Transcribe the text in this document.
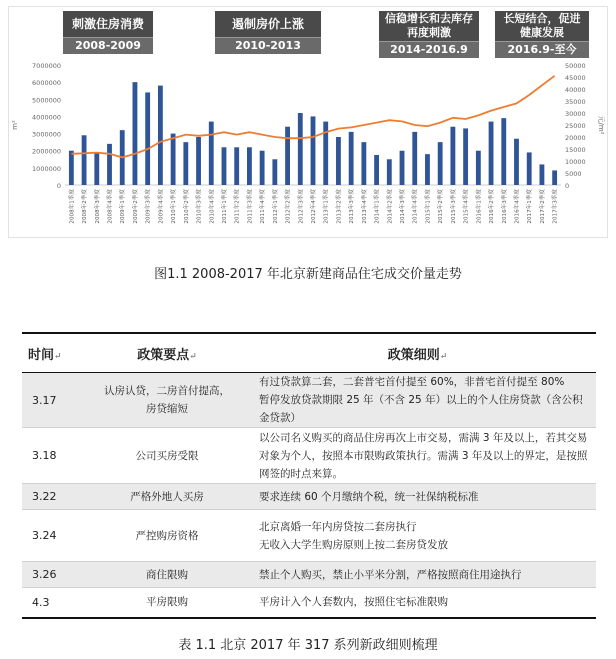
0
1000000
2000000
3000000
4000000
5000000
6000000
7000000
0
5000
10000
15000
20000
25000
30000
35000
40000
45000
50000
m²	元/m²
2008年1季度	2008年2季度	2008年3季度	2008年4季度	2009年1季度	2009年2季度	2009年3季度	2009年4季度	2010年1季度	2010年2季度	2010年3季度	2010年4季度	2011年1季度	2011年2季度	2011年3季度	2011年4季度	2012年1季度	2012年2季度	2012年3季度	2012年4季度	2013年1季度	2013年2季度	2013年3季度	2013年4季度	2014年1季度	2014年2季度	2014年3季度	2014年4季度	2015年1季度	2015年2季度	2015年3季度	2015年4季度	2016年1季度	2016年2季度	2016年3季度	2016年4季度	2017年1季度	2017年2季度	2017年3季度
刺激住房消费
2008-2009
遏制房价上涨
2010-2013
信稳增长和去库存
再度刺激
2014-2016.9
长短结合，促进
健康发展
2016.9-至今
图1.1 2008-2017 年北京新建商品住宅成交价量走势
时间↵	政策要点↵	政策细则↵
3.17	认房认贷，二房首付提高，房贷缩短	有过贷款算二套，二套普宅首付提至 60%，非普宅首付提至 80%
暂停发放贷款期限 25 年（不含 25 年）以上的个人住房贷款（含公积金贷款）
3.18	公司买房受限	以公司名义购买的商品住房再次上市交易，需满 3 年及以上，若其交易对象为个人，按照本市限购政策执行。需满 3 年及以上的界定，是按照网签的时点来算。
3.22	严格外地人买房	要求连续 60 个月缴纳个税，统一社保纳税标准
3.24	严控购房资格	北京离婚一年内房贷按二套房执行
无收入大学生购房原则上按二套房贷发放
3.26	商住限购	禁止个人购买，禁止小平米分割，严格按照商住用途执行
4.3	平房限购	平房计入个人套数内，按照住宅标准限购
表 1.1 北京 2017 年 317 系列新政细则梳理
